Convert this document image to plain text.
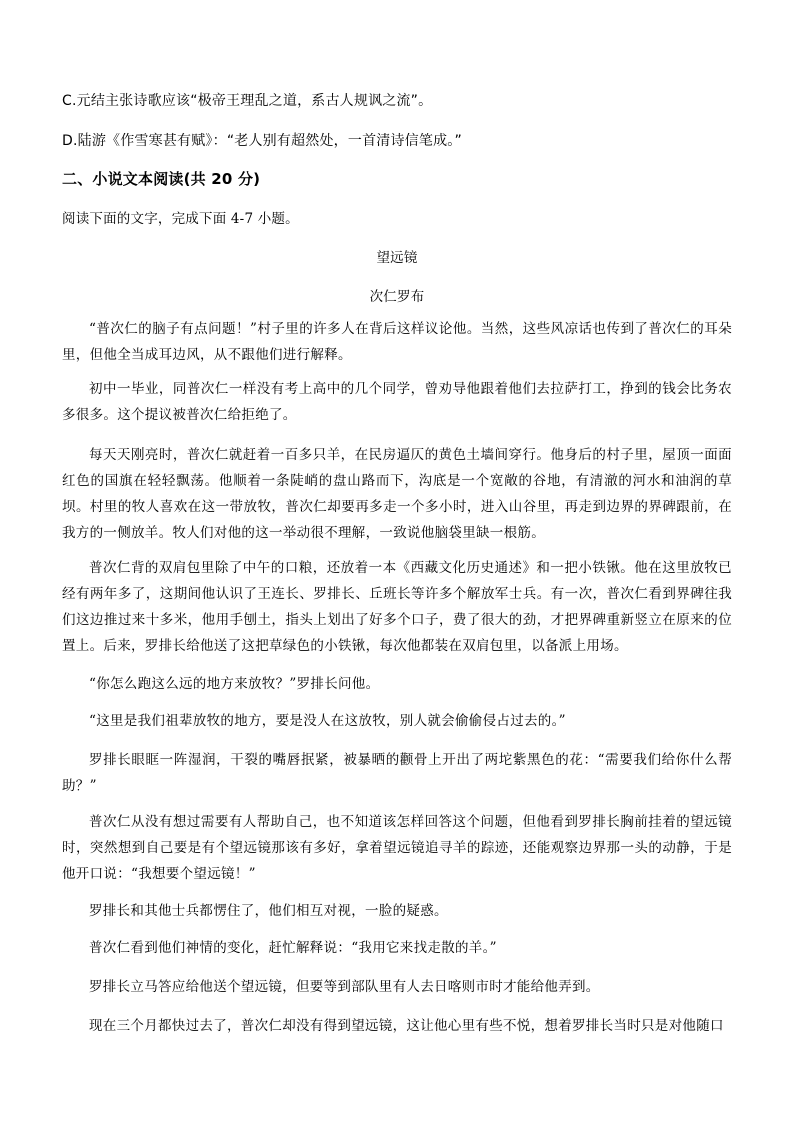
C.元结主张诗歌应该“极帝王理乱之道，系古人规讽之流”。
D.陆游《作雪寒甚有赋》：“老人别有超然处，一首清诗信笔成。”
二、小说文本阅读(共 20 分)
阅读下面的文字，完成下面 4-7 小题。
望远镜
次仁罗布
“普次仁的脑子有点问题！”村子里的许多人在背后这样议论他。当然，这些风凉话也传到了普次仁的耳朵里，但他全当成耳边风，从不跟他们进行解释。
初中一毕业，同普次仁一样没有考上高中的几个同学，曾劝导他跟着他们去拉萨打工，挣到的钱会比务农多很多。这个提议被普次仁给拒绝了。
每天天刚亮时，普次仁就赶着一百多只羊，在民房逼仄的黄色土墙间穿行。他身后的村子里，屋顶一面面红色的国旗在轻轻飘荡。他顺着一条陡峭的盘山路而下，沟底是一个宽敞的谷地，有清澈的河水和油润的草坝。村里的牧人喜欢在这一带放牧，普次仁却要再多走一个多小时，进入山谷里，再走到边界的界碑跟前，在我方的一侧放羊。牧人们对他的这一举动很不理解，一致说他脑袋里缺一根筋。
普次仁背的双肩包里除了中午的口粮，还放着一本《西藏文化历史通述》和一把小铁锹。他在这里放牧已经有两年多了，这期间他认识了王连长、罗排长、丘班长等许多个解放军士兵。有一次，普次仁看到界碑往我们这边推过来十多米，他用手刨土，指头上划出了好多个口子，费了很大的劲，才把界碑重新竖立在原来的位置上。后来，罗排长给他送了这把草绿色的小铁锹，每次他都装在双肩包里，以备派上用场。
“你怎么跑这么远的地方来放牧？”罗排长问他。
“这里是我们祖辈放牧的地方，要是没人在这放牧，别人就会偷偷侵占过去的。”
罗排长眼眶一阵湿润，干裂的嘴唇抿紧，被暴晒的颧骨上开出了两坨紫黑色的花：“需要我们给你什么帮助？”
普次仁从没有想过需要有人帮助自己，也不知道该怎样回答这个问题，但他看到罗排长胸前挂着的望远镜时，突然想到自己要是有个望远镜那该有多好，拿着望远镜追寻羊的踪迹，还能观察边界那一头的动静，于是他开口说：“我想要个望远镜！”
罗排长和其他士兵都愣住了，他们相互对视，一脸的疑惑。
普次仁看到他们神情的变化，赶忙解释说：“我用它来找走散的羊。”
罗排长立马答应给他送个望远镜，但要等到部队里有人去日喀则市时才能给他弄到。
现在三个月都快过去了，普次仁却没有得到望远镜，这让他心里有些不悦，想着罗排长当时只是对他随口
